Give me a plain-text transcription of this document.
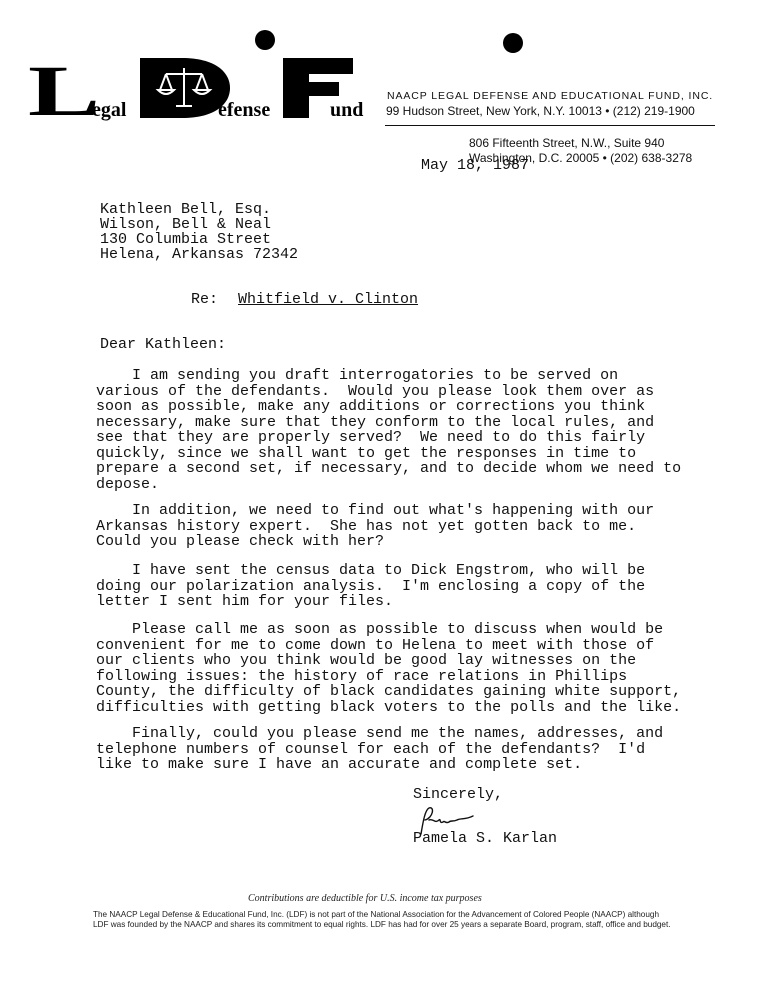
L
egal	efense	und
NAACP LEGAL DEFENSE AND EDUCATIONAL FUND, INC.
99 Hudson Street, New York, N.Y. 10013 • (212) 219-1900
806 Fifteenth Street, N.W., Suite 940
Washington, D.C. 20005 • (202) 638-3278
May 18, 1987
Kathleen Bell, Esq.
Wilson, Bell & Neal
130 Columbia Street
Helena, Arkansas 72342
Re: Whitfield v. Clinton
Dear Kathleen:
I am sending you draft interrogatories to be served on
various of the defendants.  Would you please look them over as
soon as possible, make any additions or corrections you think
necessary, make sure that they conform to the local rules, and
see that they are properly served?  We need to do this fairly
quickly, since we shall want to get the responses in time to
prepare a second set, if necessary, and to decide whom we need to
depose.
In addition, we need to find out what's happening with our
Arkansas history expert.  She has not yet gotten back to me.
Could you please check with her?
I have sent the census data to Dick Engstrom, who will be
doing our polarization analysis.  I'm enclosing a copy of the
letter I sent him for your files.
Please call me as soon as possible to discuss when would be
convenient for me to come down to Helena to meet with those of
our clients who you think would be good lay witnesses on the
following issues: the history of race relations in Phillips
County, the difficulty of black candidates gaining white support,
difficulties with getting black voters to the polls and the like.
Finally, could you please send me the names, addresses, and
telephone numbers of counsel for each of the defendants?  I'd
like to make sure I have an accurate and complete set.
Sincerely,
Pamela S. Karlan
Contributions are deductible for U.S. income tax purposes
The NAACP Legal Defense & Educational Fund, Inc. (LDF) is not part of the National Association for the Advancement of Colored People (NAACP) although
LDF was founded by the NAACP and shares its commitment to equal rights. LDF has had for over 25 years a separate Board, program, staff, office and budget.
